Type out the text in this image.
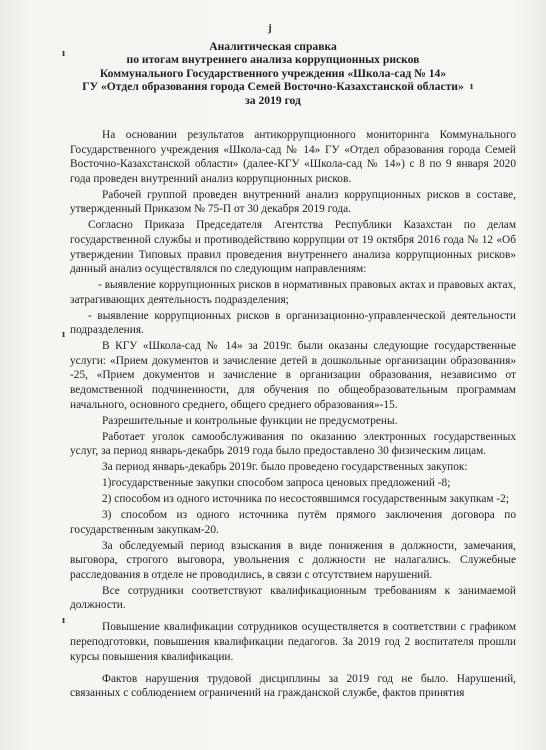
ј
ı
ı
ı
ı
Аналитическая справка
по итогам внутреннего анализа коррупционных рисков
Коммунального Государственного учреждения «Школа-сад № 14»
ГУ «Отдел образования города Семей Восточно-Казахстанской области»
за 2019 год

На основании результатов антикоррупционного мониторинга Коммунального Государственного учреждения «Школа-сад № 14» ГУ «Отдел образования города Семей Восточно-Казахстанской области» (далее-КГУ «Школа-сад № 14») с 8 по 9 января 2020 года проведен внутренний анализ коррупционных рисков.

Рабочей группой проведен внутренний анализ коррупционных рисков в составе, утвержденный Приказом № 75-П от 30 декабря 2019 года.

Согласно Приказа Председателя Агентства Республики Казахстан по делам государственной службы и противодействию коррупции от 19 октября 2016 года № 12 «Об утверждении Типовых правил проведения внутреннего анализа коррупционных рисков» данный анализ осуществлялся по следующим направлениям:

- выявление коррупционных рисков в нормативных правовых актах и правовых актах, затрагивающих деятельность подразделения;

- выявление коррупционных рисков в организационно-управленческой деятельности подразделения.

В КГУ «Школа-сад № 14» за 2019г. были оказаны следующие государственные услуги: «Прием документов и зачисление детей в дошкольные организации образования» -25, «Прием документов и зачисление в организации образования, независимо от ведомственной подчиненности, для обучения по общеобразовательным программам начального, основного среднего, общего среднего образования»-15.

Разрешительные и контрольные функции не предусмотрены.

Работает уголок самообслуживания по оказанию электронных государственных услуг, за период январь-декабрь 2019 года было предоставлено 30 физическим лицам.

За период январь-декабрь 2019г. было проведено государственных закупок:

1)государственные закупки способом запроса ценовых предложений -8;

2) способом из одного источника по несостоявшимся государственным закупкам -2;

3) способом из одного источника путём прямого заключения договора по государственным закупкам-20.

За обследуемый период взыскания в виде понижения в должности, замечания, выговора, строгого выговора, увольнения с должности не налагались. Служебные расследования в отделе не проводились, в связи с отсутствием нарушений.

Все сотрудники соответствуют квалификационным требованиям к занимаемой должности.

Повышение квалификации сотрудников осуществляется в соответствии с графиком переподготовки, повышения квалификации педагогов. За 2019 год 2 воспитателя прошли курсы повышения квалификации.

Фактов нарушения трудовой дисциплины за 2019 год не было. Нарушений, связанных с соблюдением ограничений на гражданской службе, фактов принятия
